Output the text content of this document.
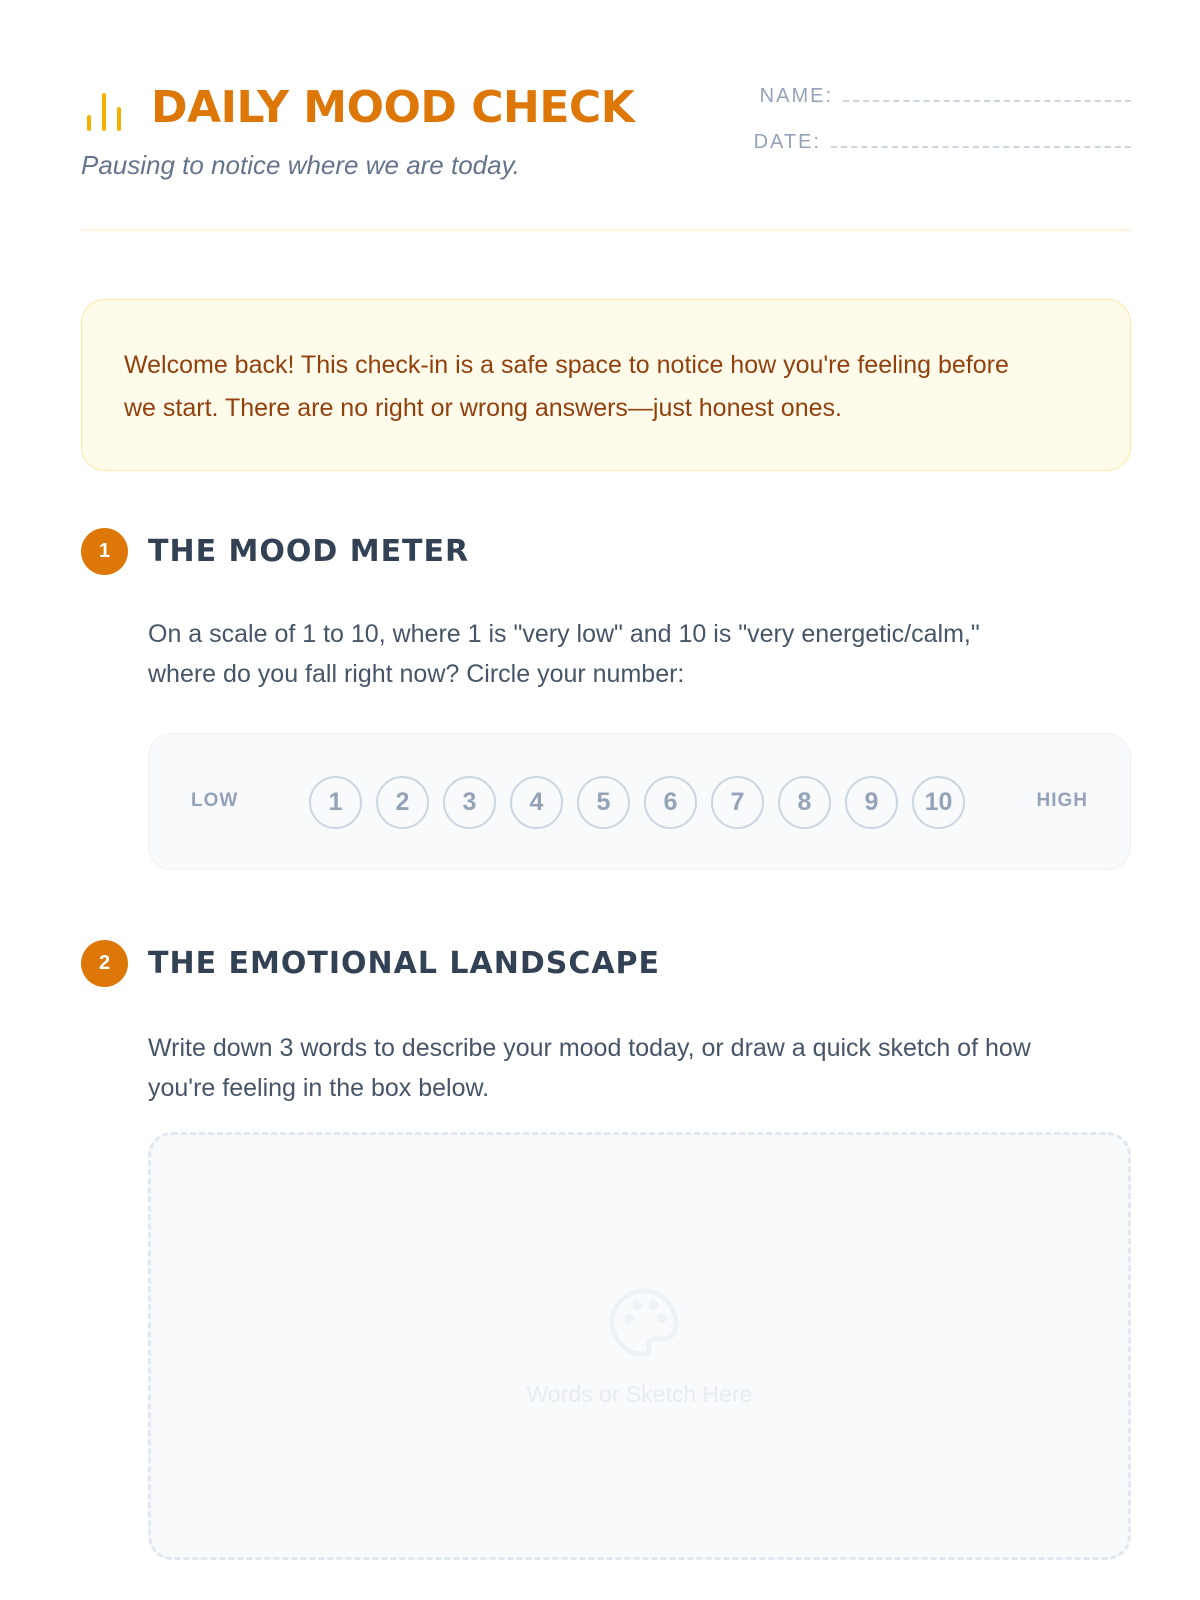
DAILY MOOD CHECK
Pausing to notice where we are today.
NAME:
DATE:

Welcome back! This check-in is a safe space to notice how you're feeling before
we start. There are no right or wrong answers—just honest ones.

1	THE MOOD METER

On a scale of 1 to 10, where 1 is "very low" and 10 is "very energetic/calm,"
where do you fall right now? Circle your number:

LOW	1	2	3	4	5	6	7	8	9	10	HIGH
2	THE EMOTIONAL LANDSCAPE

Write down 3 words to describe your mood today, or draw a quick sketch of how
you're feeling in the box below.

Words or Sketch Here
